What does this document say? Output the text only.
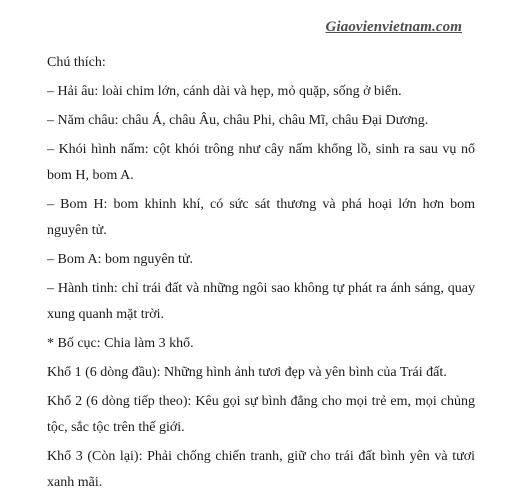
Giaovienvietnam.com

Chú thích:

– Hải âu: loài chim lớn, cánh dài và hẹp, mỏ quặp, sống ở biển.

– Năm châu: châu Á, châu Âu, châu Phi, châu Mĩ, châu Đại Dương.

– Khói hình nấm: cột khói trông như cây nấm khổng lồ, sinh ra sau vụ nổ bom H, bom A.

– Bom H: bom khinh khí, có sức sát thương và phá hoại lớn hơn bom nguyên tử.

– Bom A: bom nguyên tử.

– Hành tinh: chỉ trái đất và những ngôi sao không tự phát ra ánh sáng, quay xung quanh mặt trời.

* Bố cục: Chia làm 3 khổ.

Khổ 1 (6 dòng đầu): Những hình ảnh tươi đẹp và yên bình của Trái đất.

Khổ 2 (6 dòng tiếp theo): Kêu gọi sự bình đẳng cho mọi trẻ em, mọi chủng tộc, sắc tộc trên thế giới.

Khổ 3 (Còn lại): Phải chống chiến tranh, giữ cho trái đất bình yên và tươi xanh mãi.
